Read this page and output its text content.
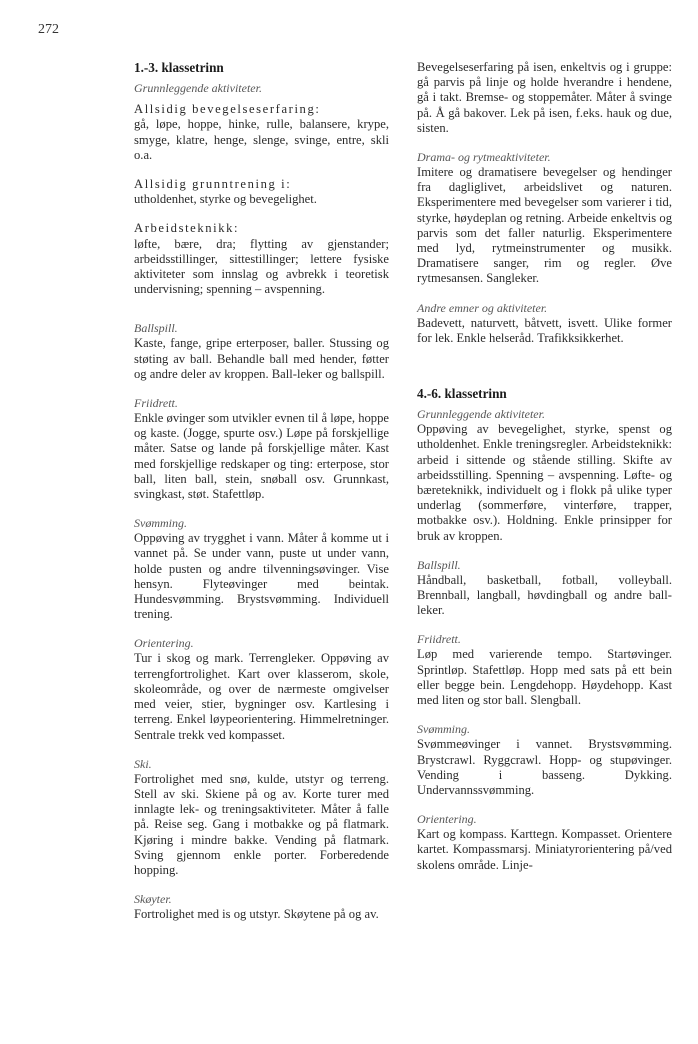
272
1.-3. klassetrinn

Grunnleggende aktiviteter.

Allsidig bevegelseserfaring:

gå, løpe, hoppe, hinke, rulle, balansere, krype, smyge, klatre, henge, slenge, svinge, entre, skli o.a.

Allsidig grunntrening i:

utholdenhet, styrke og bevegelighet.

Arbeidsteknikk:

løfte, bære, dra; flytting av gjenstander; arbeidsstillinger, sittestillinger; lettere fysiske aktiviteter som innslag og avbrekk i teoretisk undervisning; spenning – avspenning.

Ballspill.

Kaste, fange, gripe erterposer, baller. Stussing og støting av ball. Behandle ball med hender, føtter og andre deler av kroppen. Ball-leker og ballspill.

Friidrett.

Enkle øvinger som utvikler evnen til å løpe, hoppe og kaste. (Jogge, spurte osv.) Løpe på forskjellige måter. Satse og lande på forskjellige måter. Kast med forskjellige redskaper og ting: erterpose, stor ball, liten ball, stein, snøball osv. Grunnkast, svingkast, støt. Stafettløp.

Svømming.

Oppøving av trygghet i vann. Måter å komme ut i vannet på. Se under vann, puste ut under vann, holde pusten og andre tilvenningsøvinger. Vise hensyn. Flyteøvinger med beintak. Hundesvømming. Brystsvømming. Individuell trening.

Orientering.

Tur i skog og mark. Terrengleker. Oppøving av terrengfortrolighet. Kart over klasserom, skole, skoleområde, og over de nærmeste omgivelser med veier, stier, bygninger osv. Kartlesing i terreng. Enkel løypeorientering. Himmelretninger. Sentrale trekk ved kompasset.

Ski.

Fortrolighet med snø, kulde, utstyr og terreng. Stell av ski. Skiene på og av. Korte turer med innlagte lek- og treningsaktiviteter. Måter å falle på. Reise seg. Gang i motbakke og på flatmark. Kjøring i mindre bakke. Vending på flatmark. Sving gjennom enkle porter. Forberedende hopping.

Skøyter.

Fortrolighet med is og utstyr. Skøytene på og av.

Bevegelseserfaring på isen, enkeltvis og i gruppe: gå parvis på linje og holde hverandre i hendene, gå i takt. Bremse- og stoppemåter. Måter å svinge på. Å gå bakover. Lek på isen, f.eks. hauk og due, sisten.

Drama- og rytmeaktiviteter.

Imitere og dramatisere bevegelser og hendinger fra dagliglivet, arbeidslivet og naturen. Eksperimentere med bevegelser som varierer i tid, styrke, høydeplan og retning. Arbeide enkeltvis og parvis som det faller naturlig. Eksperimentere med lyd, rytmeinstrumenter og musikk. Dramatisere sanger, rim og regler. Øve rytmesansen. Sangleker.

Andre emner og aktiviteter.

Badevett, naturvett, båtvett, isvett. Ulike former for lek. Enkle helseråd. Trafikksikkerhet.

4.-6. klassetrinn

Grunnleggende aktiviteter.

Oppøving av bevegelighet, styrke, spenst og utholdenhet. Enkle treningsregler. Arbeidsteknikk: arbeid i sittende og stående stilling. Skifte av arbeidsstilling. Spenning – avspenning. Løfte- og bæreteknikk, individuelt og i flokk på ulike typer underlag (sommerføre, vinterføre, trapper, motbakke osv.). Holdning. Enkle prinsipper for bruk av kroppen.

Ballspill.

Håndball, basketball, fotball, volleyball. Brennball, langball, høvdingball og andre ball-leker.

Friidrett.

Løp med varierende tempo. Startøvinger. Sprintløp. Stafettløp. Hopp med sats på ett bein eller begge bein. Lengdehopp. Høydehopp. Kast med liten og stor ball. Slengball.

Svømming.

Svømmeøvinger i vannet. Brystsvømming. Brystcrawl. Ryggcrawl. Hopp- og stupøvinger. Vending i basseng. Dykking. Undervannssvømming.

Orientering.

Kart og kompass. Karttegn. Kompasset. Orientere kartet. Kompassmarsj. Miniatyrorientering på/ved skolens område. Linje-
